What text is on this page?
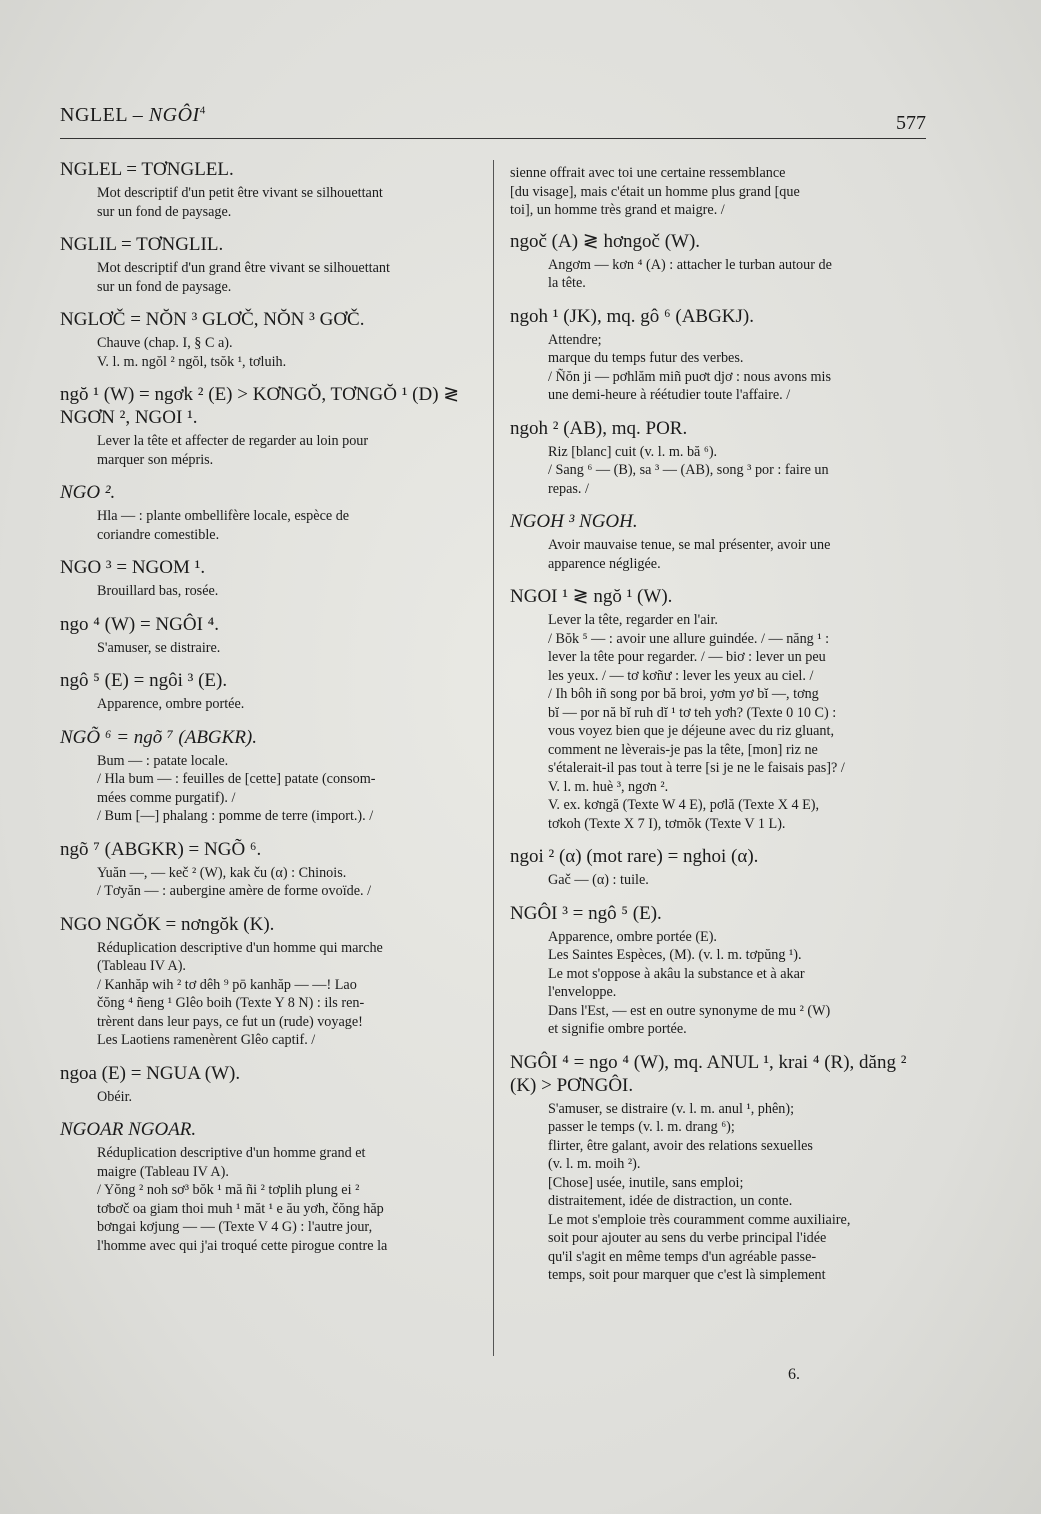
NGLEL – NGÔI$^4$
577
NGLEL = TƠNGLEL.
Mot descriptif d'un petit être vivant se silhouettant
sur un fond de paysage.
NGLIL = TƠNGLIL.
Mot descriptif d'un grand être vivant se silhouettant
sur un fond de paysage.
NGLƠČ = NŎN ³ GLƠČ, NŎN ³ GƠČ.
Chauve (chap. I, § C a).
V. l. m. ngŏl ² ngŏl, tsŏk ¹, tơluih.
ngŏ ¹ (W) = ngơk ² (E) > KƠNGŎ, TƠNGŎ ¹ (D) ≷ NGƠN ², NGOI ¹.
Lever la tête et affecter de regarder au loin pour
marquer son mépris.
NGO ².
Hla — : plante ombellifère locale, espèce de
coriandre comestible.
NGO ³ = NGOM ¹.
Brouillard bas, rosée.
ngo ⁴ (W) = NGÔI ⁴.
S'amuser, se distraire.
ngô ⁵ (E) = ngôi ³ (E).
Apparence, ombre portée.
NGÕ ⁶ = ngõ ⁷ (ABGKR).
Bum — : patate locale.
/ Hla bum — : feuilles de [cette] patate (consom-
mées comme purgatif). /
/ Bum [—] phalang : pomme de terre (import.). /
ngõ ⁷ (ABGKR) = NGÕ ⁶.
Yuăn —, — keč ² (W), kak ču (α) : Chinois.
/ Tơyăn — : aubergine amère de forme ovoïde. /
NGO NGŎK = nơngŏk (K).
Réduplication descriptive d'un homme qui marche
(Tableau IV A).
/ Kanhăp wih ² tơ dêh ⁹ pō kanhăp — —! Lao
čŏng ⁴ ñeng ¹ Glêo boih (Texte Y 8 N) : ils ren-
trèrent dans leur pays, ce fut un (rude) voyage!
Les Laotiens ramenèrent Glêo captif. /
ngoa (E) = NGUA (W).
Obéir.
NGOAR NGOAR.
Réduplication descriptive d'un homme grand et
maigre (Tableau IV A).
/ Yŏng ² noh sơ³ bŏk ¹ mă ñi ² tơplih plung ei ²
tơbơč oa giam thoi muh ¹ măt ¹ e ău yơh, čŏng hăp
bơngai kơjung — — (Texte V 4 G) : l'autre jour,
l'homme avec qui j'ai troqué cette pirogue contre la
sienne offrait avec toi une certaine ressemblance
[du visage], mais c'était un homme plus grand [que
toi], un homme très grand et maigre. /
ngoč (A) ≷ hơngoč (W).
Angơm — kơn ⁴ (A) : attacher le turban autour de
la tête.
ngoh ¹ (JK), mq. gô ⁶ (ABGKJ).
Attendre;
marque du temps futur des verbes.
/ Ñŏn ji — pơhlăm miñ puơt djơ : nous avons mis
une demi-heure à réétudier toute l'affaire. /
ngoh ² (AB), mq. POR.
Riz [blanc] cuit (v. l. m. bă ⁶).
/ Sang ⁶ — (B), sa ³ — (AB), song ³ por : faire un
repas. /
NGOH ³ NGOH.
Avoir mauvaise tenue, se mal présenter, avoir une
apparence négligée.
NGOI ¹ ≷ ngŏ ¹ (W).
Lever la tête, regarder en l'air.
/ Bŏk ⁵ — : avoir une allure guindée. / — năng ¹ :
lever la tête pour regarder. / — biơ : lever un peu
les yeux. / — tơ kơñư : lever les yeux au ciel. /
/ Ih bôh iñ song por bă broi, yơm yơ bĭ —, tơng
bĭ — por nă bĭ ruh dĭ ¹ tơ teh yơh? (Texte 0 10 C) :
vous voyez bien que je déjeune avec du riz gluant,
comment ne lèverais-je pas la tête, [mon] riz ne
s'étalerait-il pas tout à terre [si je ne le faisais pas]? /
V. l. m. huè ³, ngơn ².
V. ex. kơngă (Texte W 4 E), pơlă (Texte X 4 E),
tơkoh (Texte X 7 I), tơmŏk (Texte V 1 L).
ngoi ² (α) (mot rare) = nghoi (α).
Gač — (α) : tuile.
NGÔI ³ = ngô ⁵ (E).
Apparence, ombre portée (E).
Les Saintes Espèces, (M). (v. l. m. tơpŭng ¹).
Le mot s'oppose à akâu la substance et à akar
l'enveloppe.
Dans l'Est, — est en outre synonyme de mu ² (W)
et signifie ombre portée.
NGÔI ⁴ = ngo ⁴ (W), mq. ANUL ¹, krai ⁴ (R), dăng ² (K) > PƠNGÔI.
S'amuser, se distraire (v. l. m. anul ¹, phên);
passer le temps (v. l. m. drang ⁶);
flirter, être galant, avoir des relations sexuelles
(v. l. m. moih ²).
[Chose] usée, inutile, sans emploi;
distraitement, idée de distraction, un conte.
Le mot s'emploie très couramment comme auxiliaire,
soit pour ajouter au sens du verbe principal l'idée
qu'il s'agit en même temps d'un agréable passe-
temps, soit pour marquer que c'est là simplement
6.
